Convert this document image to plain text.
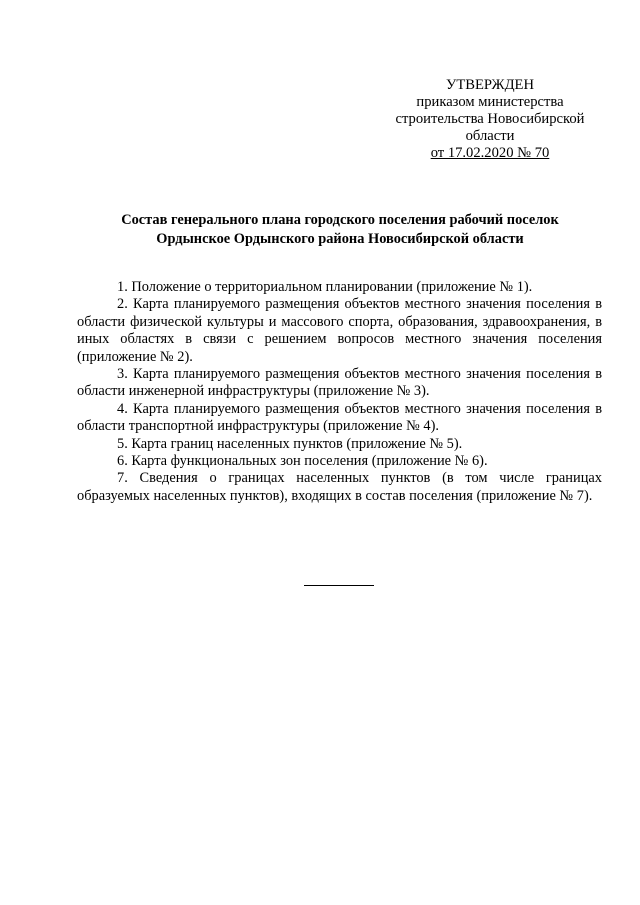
УТВЕРЖДЕН
приказом министерства
строительства Новосибирской
области
от 17.02.2020 № 70
Состав генерального плана городского поселения рабочий поселок
Ордынское Ордынского района Новосибирской области

1. Положение о территориальном планировании (приложение № 1).

2. Карта планируемого размещения объектов местного значения поселения в области физической культуры и массового спорта, образования, здравоохранения, в иных областях в связи с решением вопросов местного значения поселения (приложение № 2).

3. Карта планируемого размещения объектов местного значения поселения в области инженерной инфраструктуры (приложение № 3).

4. Карта планируемого размещения объектов местного значения поселения в области транспортной инфраструктуры (приложение № 4).

5. Карта границ населенных пунктов (приложение № 5).

6. Карта функциональных зон поселения (приложение № 6).

7. Сведения о границах населенных пунктов (в том числе границах образуемых населенных пунктов), входящих в состав поселения (приложение № 7).
